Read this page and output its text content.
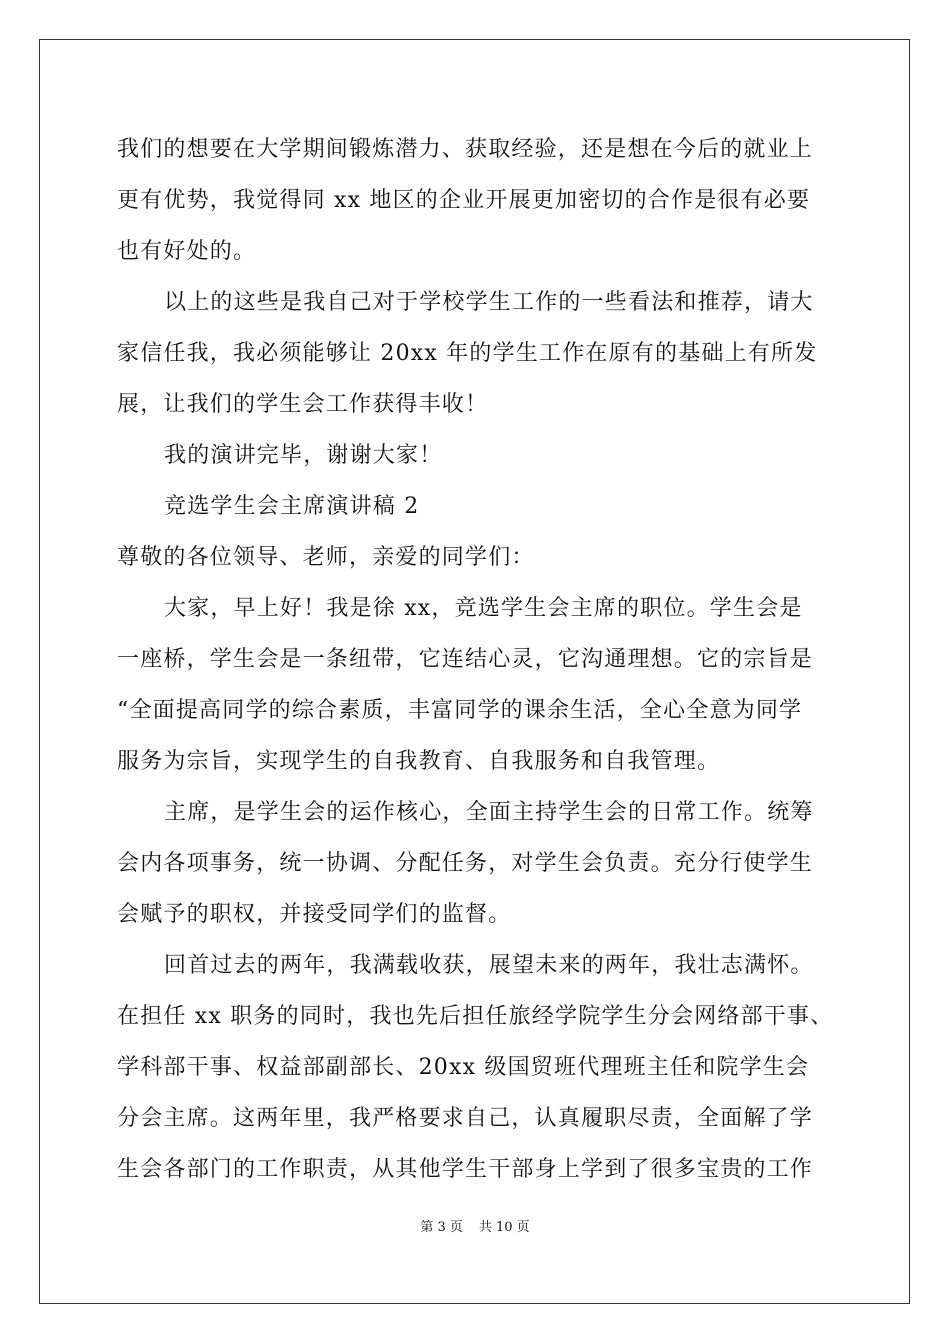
我们的想要在大学期间锻炼潜力、获取经验，还是想在今后的就业上
更有优势，我觉得同 xx 地区的企业开展更加密切的合作是很有必要
也有好处的。
以上的这些是我自己对于学校学生工作的一些看法和推荐，请大
家信任我，我必须能够让 20xx 年的学生工作在原有的基础上有所发
展，让我们的学生会工作获得丰收！
我的演讲完毕，谢谢大家！
竞选学生会主席演讲稿 2
尊敬的各位领导、老师，亲爱的同学们：
大家，早上好！我是徐 xx，竞选学生会主席的职位。学生会是
一座桥，学生会是一条纽带，它连结心灵，它沟通理想。它的宗旨是
“全面提高同学的综合素质，丰富同学的课余生活，全心全意为同学
服务为宗旨，实现学生的自我教育、自我服务和自我管理。
主席，是学生会的运作核心，全面主持学生会的日常工作。统筹
会内各项事务，统一协调、分配任务，对学生会负责。充分行使学生
会赋予的职权，并接受同学们的监督。
回首过去的两年，我满载收获，展望未来的两年，我壮志满怀。
在担任 xx 职务的同时，我也先后担任旅经学院学生分会网络部干事、
学科部干事、权益部副部长、20xx 级国贸班代理班主任和院学生会
分会主席。这两年里，我严格要求自己，认真履职尽责，全面解了学
生会各部门的工作职责，从其他学生干部身上学到了很多宝贵的工作
第 3 页 共 10 页
